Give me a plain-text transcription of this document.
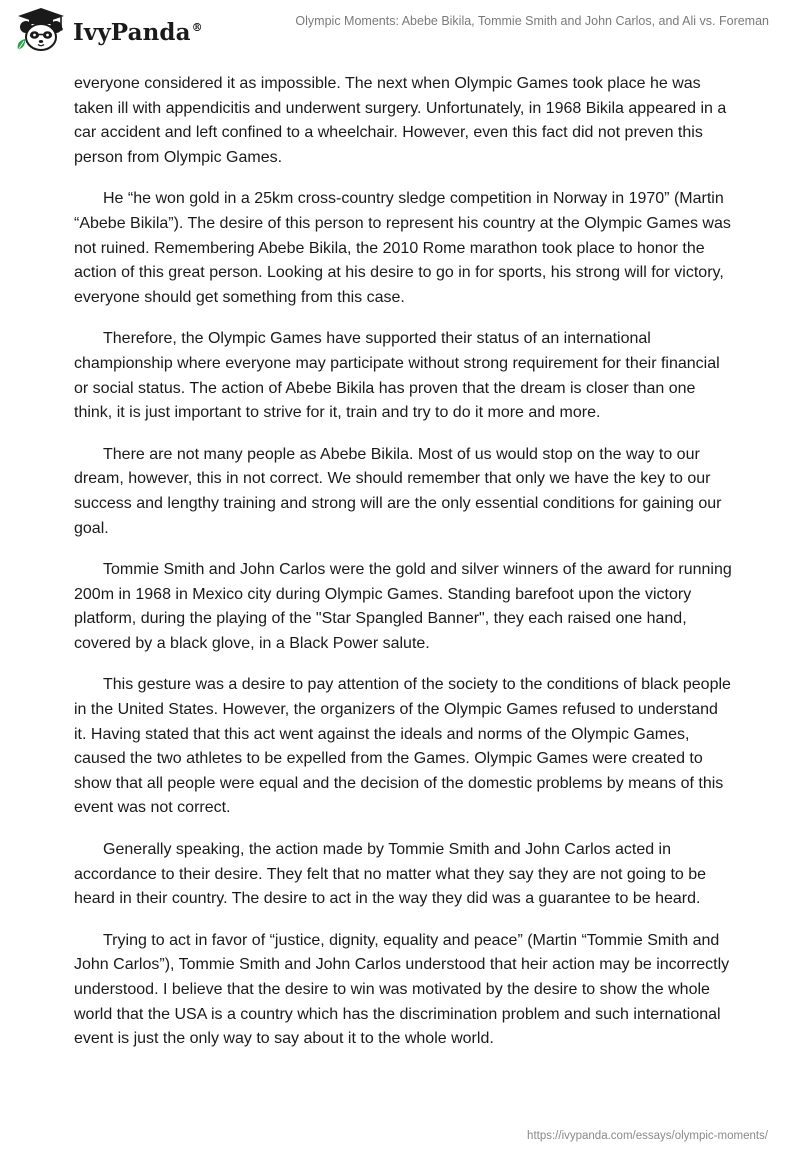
IvyPanda®	Olympic Moments: Abebe Bikila, Tommie Smith and John Carlos, and Ali vs. Foreman

everyone considered it as impossible. The next when Olympic Games took place he was taken ill with appendicitis and underwent surgery. Unfortunately, in 1968 Bikila appeared in a car accident and left confined to a wheelchair. However, even this fact did not preven this person from Olympic Games.

He “he won gold in a 25km cross-country sledge competition in Norway in 1970” (Martin “Abebe Bikila”). The desire of this person to represent his country at the Olympic Games was not ruined. Remembering Abebe Bikila, the 2010 Rome marathon took place to honor the action of this great person. Looking at his desire to go in for sports, his strong will for victory, everyone should get something from this case.

Therefore, the Olympic Games have supported their status of an international championship where everyone may participate without strong requirement for their financial or social status. The action of Abebe Bikila has proven that the dream is closer than one think, it is just important to strive for it, train and try to do it more and more.

There are not many people as Abebe Bikila. Most of us would stop on the way to our dream, however, this in not correct. We should remember that only we have the key to our success and lengthy training and strong will are the only essential conditions for gaining our goal.

Tommie Smith and John Carlos were the gold and silver winners of the award for running 200m in 1968 in Mexico city during Olympic Games. Standing barefoot upon the victory platform, during the playing of the "Star Spangled Banner", they each raised one hand, covered by a black glove, in a Black Power salute.

This gesture was a desire to pay attention of the society to the conditions of black people in the United States. However, the organizers of the Olympic Games refused to understand it. Having stated that this act went against the ideals and norms of the Olympic Games, caused the two athletes to be expelled from the Games. Olympic Games were created to show that all people were equal and the decision of the domestic problems by means of this event was not correct.

Generally speaking, the action made by Tommie Smith and John Carlos acted in accordance to their desire. They felt that no matter what they say they are not going to be heard in their country. The desire to act in the way they did was a guarantee to be heard.

Trying to act in favor of “justice, dignity, equality and peace” (Martin “Tommie Smith and John Carlos”), Tommie Smith and John Carlos understood that heir action may be incorrectly understood. I believe that the desire to win was motivated by the desire to show the whole world that the USA is a country which has the discrimination problem and such international event is just the only way to say about it to the whole world.

https://ivypanda.com/essays/olympic-moments/
